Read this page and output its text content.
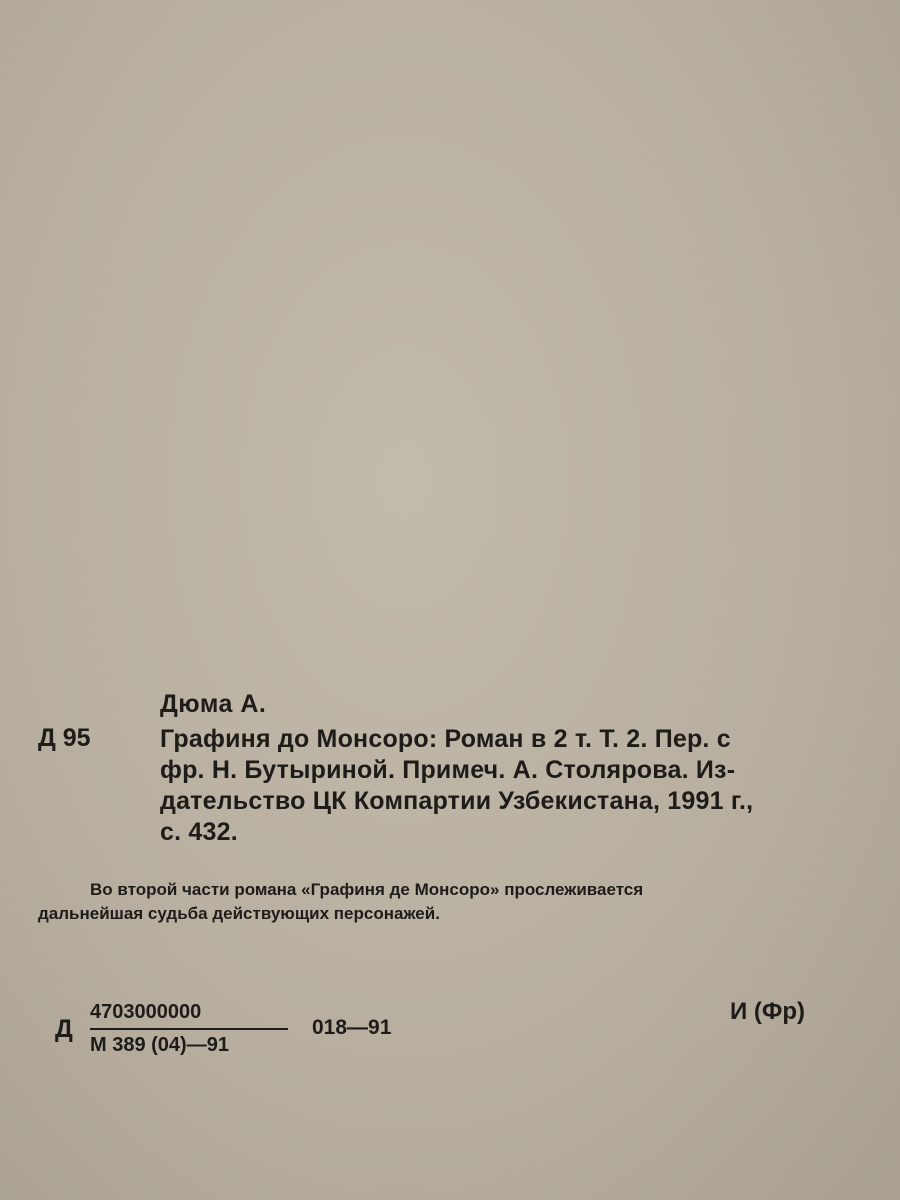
Дюма А.
Д 95	Графиня до Монсоро: Роман в 2 т. Т. 2. Пер. с
фр. Н. Бутыриной. Примеч. А. Столярова. Из-
дательство ЦК Компартии Узбекистана, 1991 г.,
с. 432.
Во второй части романа «Графиня де Монсоро» прослеживается
дальнейшая судьба действующих персонажей.
Д
4703000000
М 389 (04)—91
018—91
И (Фр)
